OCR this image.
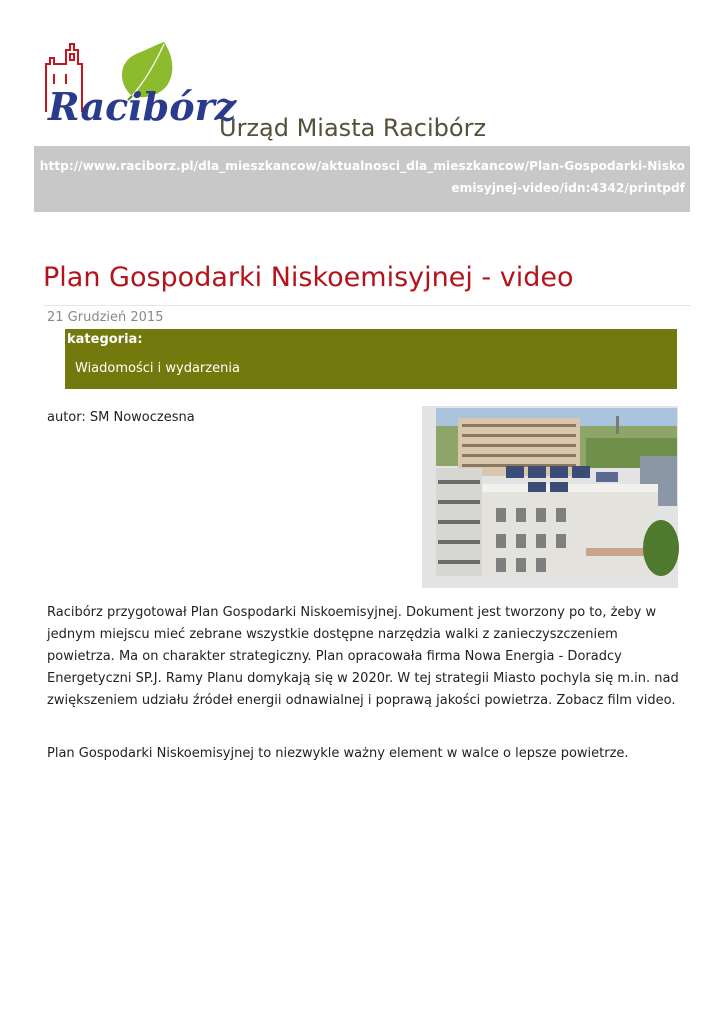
Racibórz
Urząd Miasta Racibórz
http://www.raciborz.pl/dla_mieszkancow/aktualnosci_dla_mieszkancow/Plan-Gospodarki-Niskoemisyjnej-video/idn:4342/printpdf
Plan Gospodarki Niskoemisyjnej - video
21 Grudzień 2015
kategoria:
Wiadomości i wydarzenia
autor: SM Nowoczesna

Racibórz przygotował Plan Gospodarki Niskoemisyjnej. Dokument jest tworzony po to, żeby w jednym miejscu mieć zebrane wszystkie dostępne narzędzia walki z zanieczyszczeniem powietrza. Ma on charakter strategiczny. Plan opracowała firma Nowa Energia - Doradcy Energetyczni SP.J. Ramy Planu domykają się w 2020r. W tej strategii Miasto pochyla się m.in. nad zwiększeniem udziału źródeł energii odnawialnej i poprawą jakości powietrza. Zobacz film video.

Plan Gospodarki Niskoemisyjnej to niezwykle ważny element w walce o lepsze powietrze.
